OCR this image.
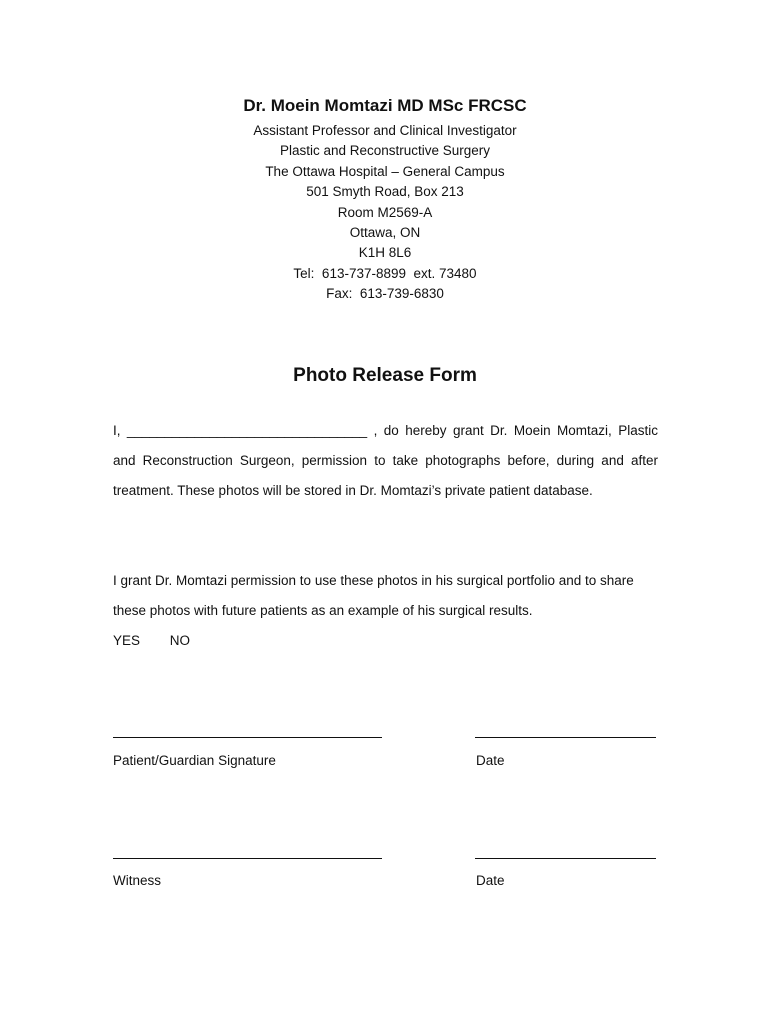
Dr. Moein Momtazi MD MSc FRCSC

Assistant Professor and Clinical Investigator

Plastic and Reconstructive Surgery

The Ottawa Hospital – General Campus

501 Smyth Road, Box 213

Room M2569-A

Ottawa, ON

K1H 8L6

Tel:  613-737-8899  ext. 73480

Fax:  613-739-6830

Photo Release Form

I, ________________________________ , do hereby grant Dr. Moein Momtazi, Plastic and Reconstruction Surgeon, permission to take photographs before, during and after treatment. These photos will be stored in Dr. Momtazi’s private patient database.

I grant Dr. Momtazi permission to use these photos in his surgical portfolio and to share these photos with future patients as an example of his surgical results.

YES NO

Patient/Guardian Signature	Date

Witness	Date
